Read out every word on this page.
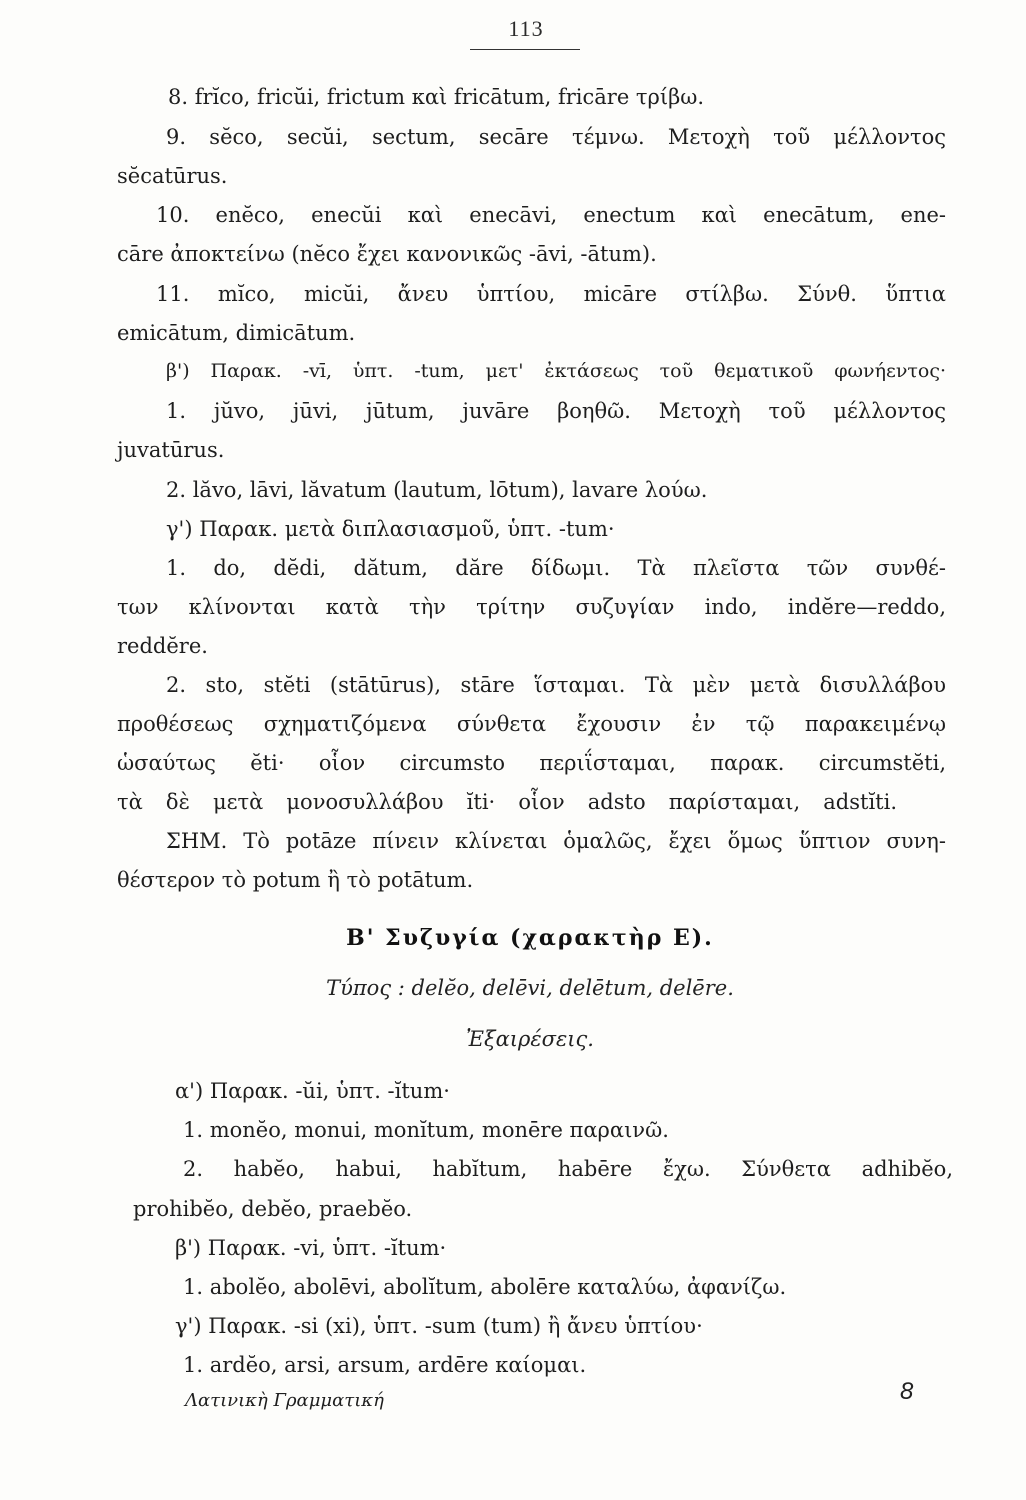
113
8. frĭco, fricŭi, frictum καὶ fricātum, fricāre τρίβω.
9. sĕco, secŭi, sectum, secāre τέμνω. Μετοχὴ τοῦ μέλλοντος
sĕcatūrus.
10. enĕco, enecŭi καὶ enecāvi, enectum καὶ enecātum, ene-
cāre ἀποκτείνω (nĕco ἔχει κανονικῶς -āvi, -ātum).
11. mĭco, micŭi, ἄνευ ὑπτίου, micāre στίλβω. Σύνθ. ὕπτια
emicātum, dimicātum.
β') Παρακ. -vī, ὑπτ. -tum, μετ' ἐκτάσεως τοῦ θεματικοῦ φωνήεντος·
1. jŭvo, jūvi, jūtum, juvāre βοηθῶ. Μετοχὴ τοῦ μέλλοντος
juvatūrus.
2. lăvo, lāvi, lăvatum (lautum, lōtum), lavare λούω.
γ') Παρακ. μετὰ διπλασιασμοῦ, ὑπτ. -tum·
1. do, dĕdi, dătum, dăre δίδωμι. Τὰ πλεῖστα τῶν συνθέ-
των κλίνονται κατὰ τὴν τρίτην συζυγίαν indo, indĕre—reddo,
reddĕre.
2. sto, stĕti (stātūrus), stāre ἵσταμαι. Τὰ μὲν μετὰ δισυλλάβου
προθέσεως σχηματιζόμενα σύνθετα ἔχουσιν ἐν τῷ παρακειμένῳ
ὡσαύτως ĕti· οἷον circumsto περιΐσταμαι, παρακ. circumstĕti,
τὰ δὲ μετὰ μονοσυλλάβου ĭti· οἷον adsto παρίσταμαι, adstĭti.
ΣΗΜ. Τὸ potāze πίνειν κλίνεται ὁμαλῶς, ἔχει ὅμως ὕπτιον συνη-
θέστερον τὸ potum ἢ τὸ potātum.
Β' Συζυγία (χαρακτὴρ Ε).
Τύπος : delĕo, delēvi, delētum, delēre.
Ἐξαιρέσεις.
α') Παρακ. -ŭi, ὑπτ. -ĭtum·
1. monĕo, monui, monĭtum, monēre παραινῶ.
2. habĕo, habui, habĭtum, habēre ἔχω. Σύνθετα adhibĕo,
prohibĕo, debĕo, praebĕo.
β') Παρακ. -vi, ὑπτ. -ĭtum·
1. abolĕo, abolēvi, abolĭtum, abolēre καταλύω, ἀφανίζω.
γ') Παρακ. -si (xi), ὑπτ. -sum (tum) ἢ ἄνευ ὑπτίου·
1. ardĕo, arsi, arsum, ardēre καίομαι.
Λατινικὴ Γραμματική	8
